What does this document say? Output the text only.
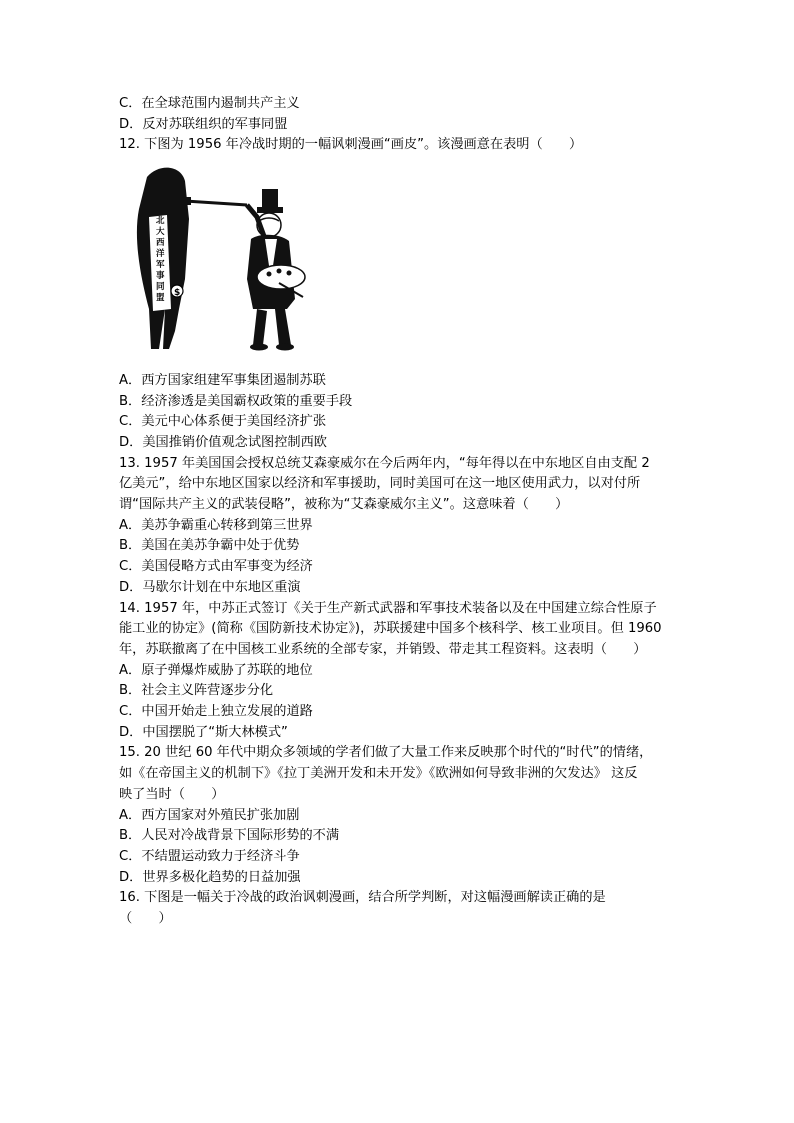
C．在全球范围内遏制共产主义
D．反对苏联组织的军事同盟
12. 下图为 1956 年冷战时期的一幅讽刺漫画“画皮”。该漫画意在表明（　　）
北
大
西
洋
军
事
同
盟 $
A．西方国家组建军事集团遏制苏联
B．经济渗透是美国霸权政策的重要手段
C．美元中心体系便于美国经济扩张
D．美国推销价值观念试图控制西欧
13. 1957 年美国国会授权总统艾森豪威尔在今后两年内，“每年得以在中东地区自由支配 2
亿美元”，给中东地区国家以经济和军事援助，同时美国可在这一地区使用武力，以对付所
谓“国际共产主义的武装侵略”，被称为“艾森豪威尔主义”。这意味着（　　）
A．美苏争霸重心转移到第三世界
B．美国在美苏争霸中处于优势
C．美国侵略方式由军事变为经济
D．马歇尔计划在中东地区重演
14. 1957 年，中苏正式签订《关于生产新式武器和军事技术装备以及在中国建立综合性原子
能工业的协定》(简称《国防新技术协定》)，苏联援建中国多个核科学、核工业项目。但 1960
年，苏联撤离了在中国核工业系统的全部专家，并销毁、带走其工程资料。这表明（　　）
A．原子弹爆炸威胁了苏联的地位
B．社会主义阵营逐步分化
C．中国开始走上独立发展的道路
D．中国摆脱了“斯大林模式”
15. 20 世纪 60 年代中期众多领域的学者们做了大量工作来反映那个时代的“时代”的情绪，
如《在帝国主义的机制下》《拉丁美洲开发和未开发》《欧洲如何导致非洲的欠发达》 这反
映了当时（　　）
A．西方国家对外殖民扩张加剧
B．人民对冷战背景下国际形势的不满
C．不结盟运动致力于经济斗争
D．世界多极化趋势的日益加强
16. 下图是一幅关于冷战的政治讽刺漫画，结合所学判断，对这幅漫画解读正确的是
（　　）
